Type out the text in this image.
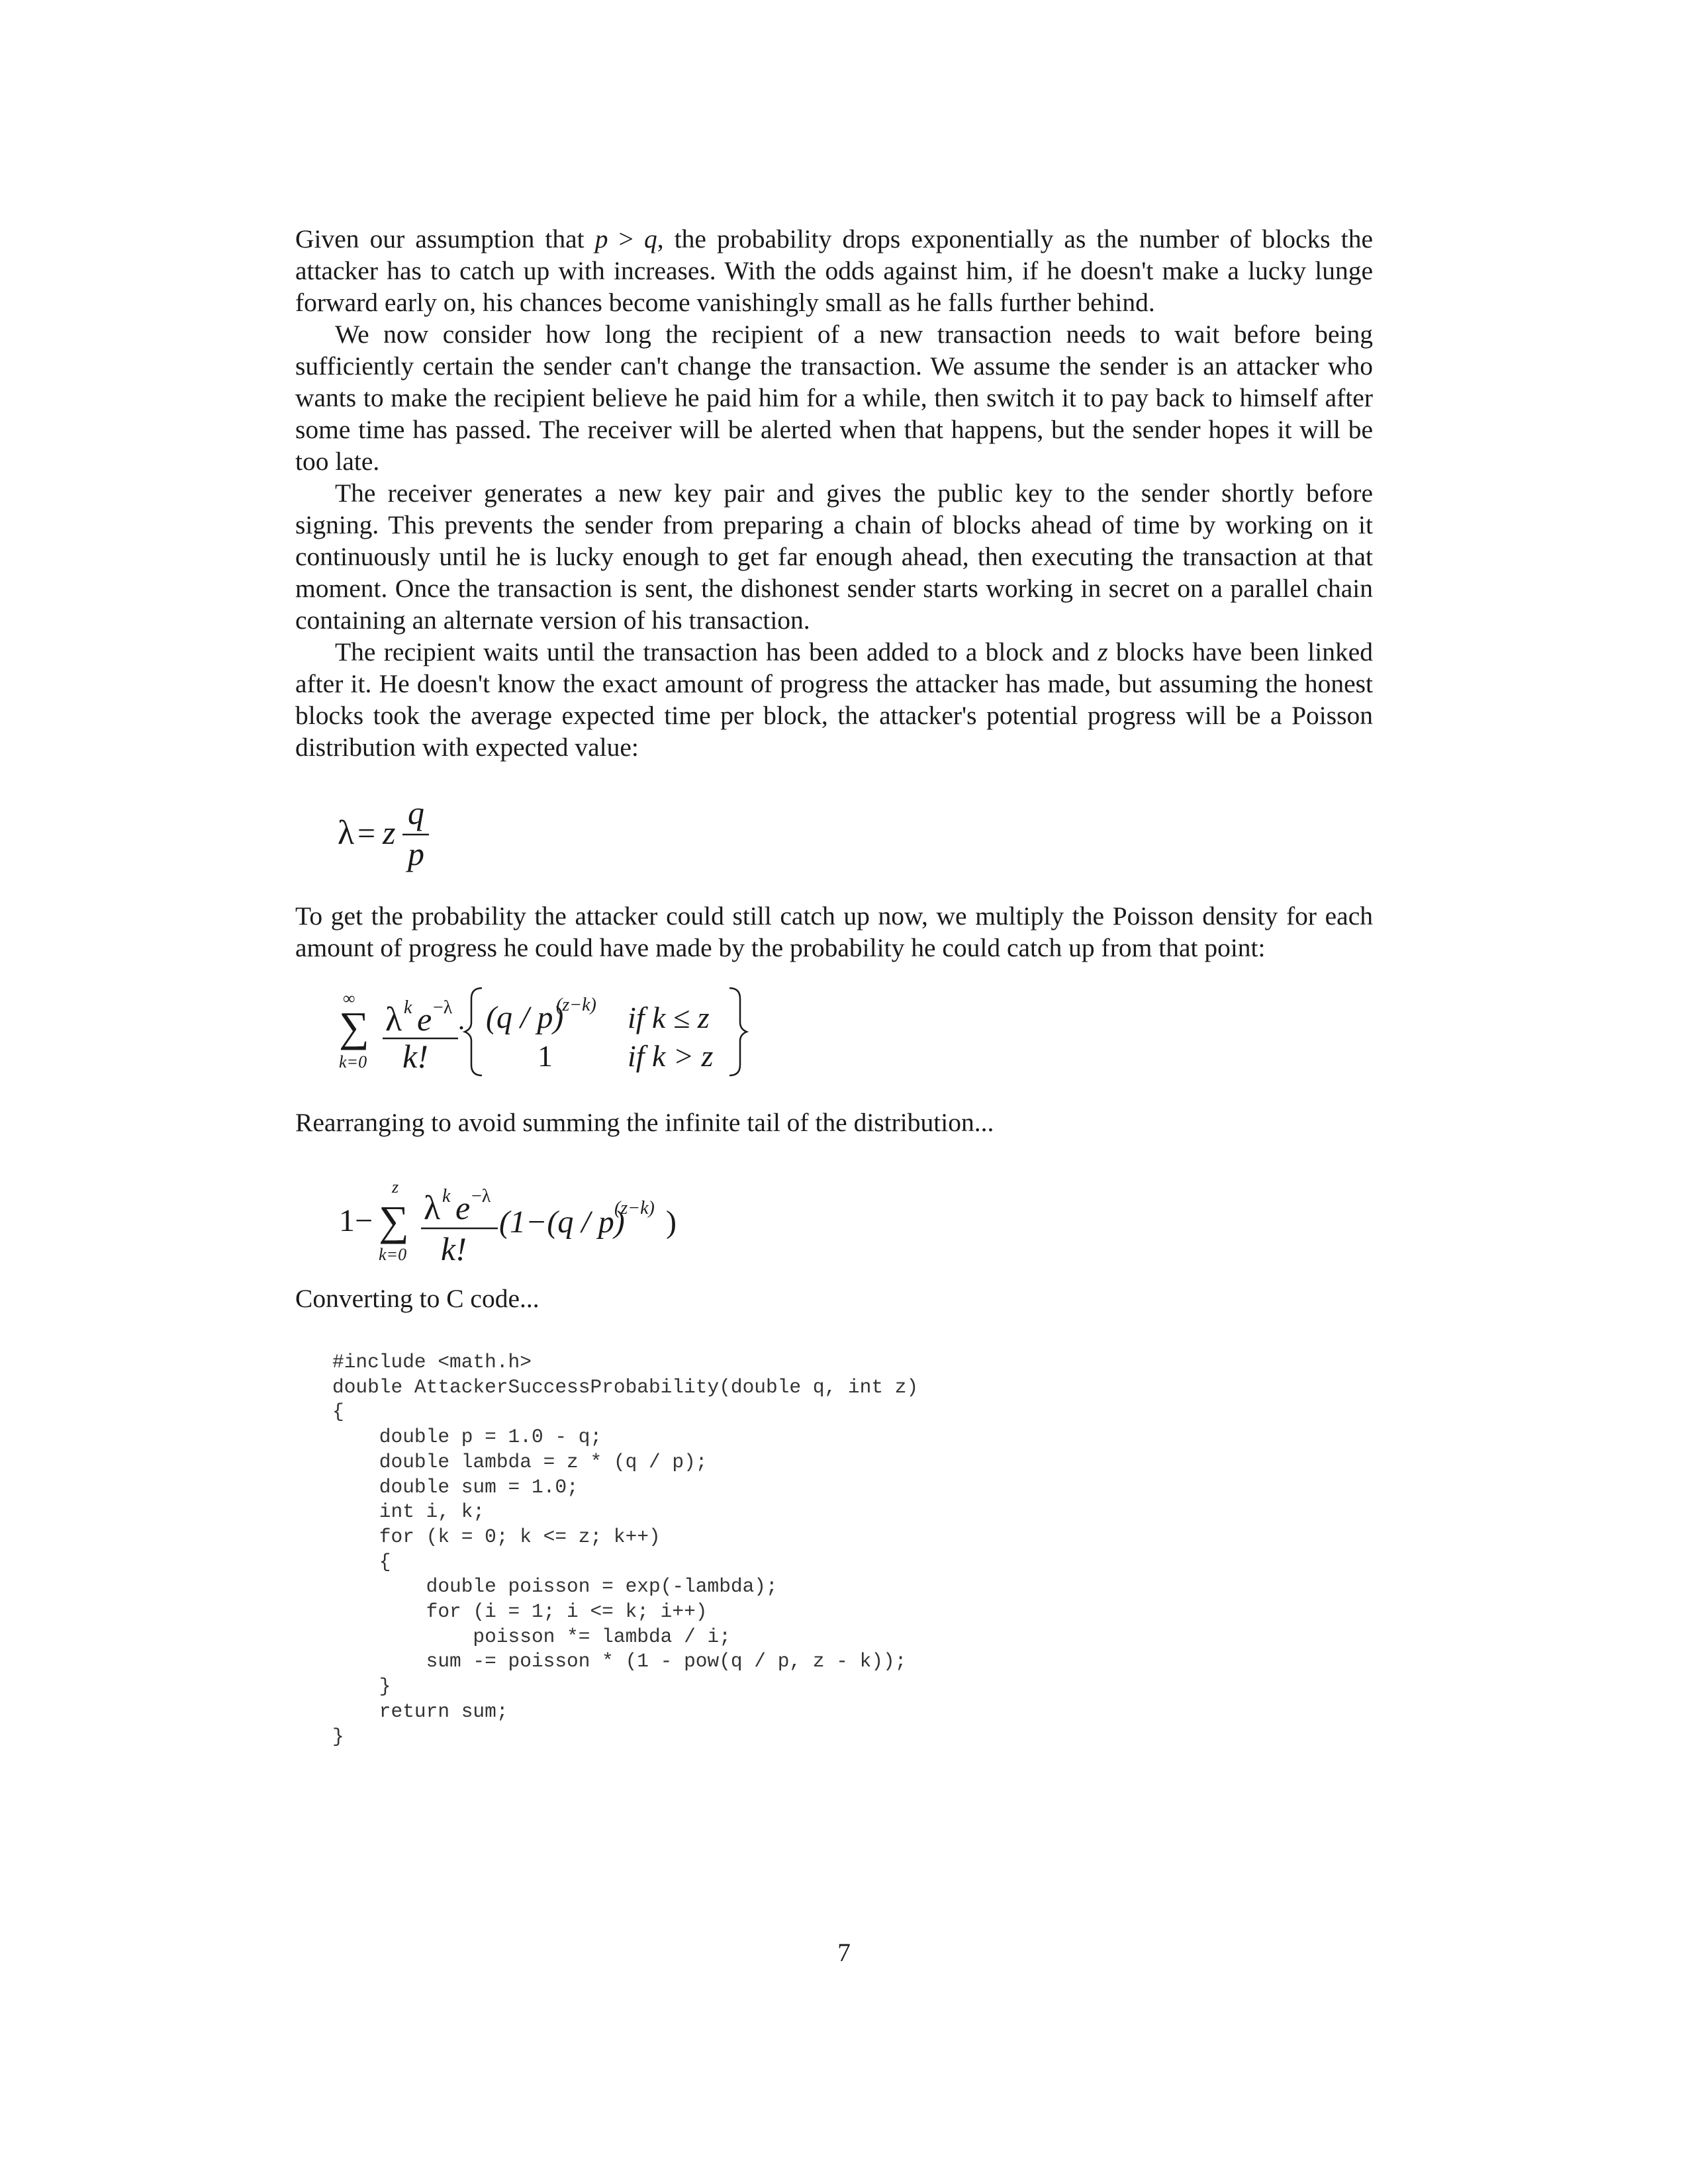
Given our assumption that p > q, the probability drops exponentially as the number of blocks the attacker has to catch up with increases. With the odds against him, if he doesn't make a lucky lunge forward early on, his chances become vanishingly small as he falls further behind.

We now consider how long the recipient of a new transaction needs to wait before being sufficiently certain the sender can't change the transaction. We assume the sender is an attacker who wants to make the recipient believe he paid him for a while, then switch it to pay back to himself after some time has passed. The receiver will be alerted when that happens, but the sender hopes it will be too late.

The receiver generates a new key pair and gives the public key to the sender shortly before signing. This prevents the sender from preparing a chain of blocks ahead of time by working on it continuously until he is lucky enough to get far enough ahead, then executing the transaction at that moment. Once the transaction is sent, the dishonest sender starts working in secret on a parallel chain containing an alternate version of his transaction.

The recipient waits until the transaction has been added to a block and z blocks have been linked after it. He doesn't know the exact amount of progress the attacker has made, but assuming the honest blocks took the average expected time per block, the attacker's potential progress will be a Poisson distribution with expected value:

λ = z
q
p

To get the probability the attacker could still catch up now, we multiply the Poisson density for each amount of progress he could have made by the probability he could catch up from that point:

∞
∑
k=0
λ k e −λ
k!
· (q / p)
(z−k) if k ≤ z
1 if k > z

Rearranging to avoid summing the infinite tail of the distribution...

1−
z
∑
k=0
λ k e −λ
k!
(1−(q / p)
(z−k) )

Converting to C code...

#include <math.h>
double AttackerSuccessProbability(double q, int z)
{
double p = 1.0 - q;
double lambda = z * (q / p);
double sum = 1.0;
int i, k;
for (k = 0; k <= z; k++)
{
double poisson = exp(-lambda);
for (i = 1; i <= k; i++)
poisson *= lambda / i;
sum -= poisson * (1 - pow(q / p, z - k));
}
return sum;
}
7
